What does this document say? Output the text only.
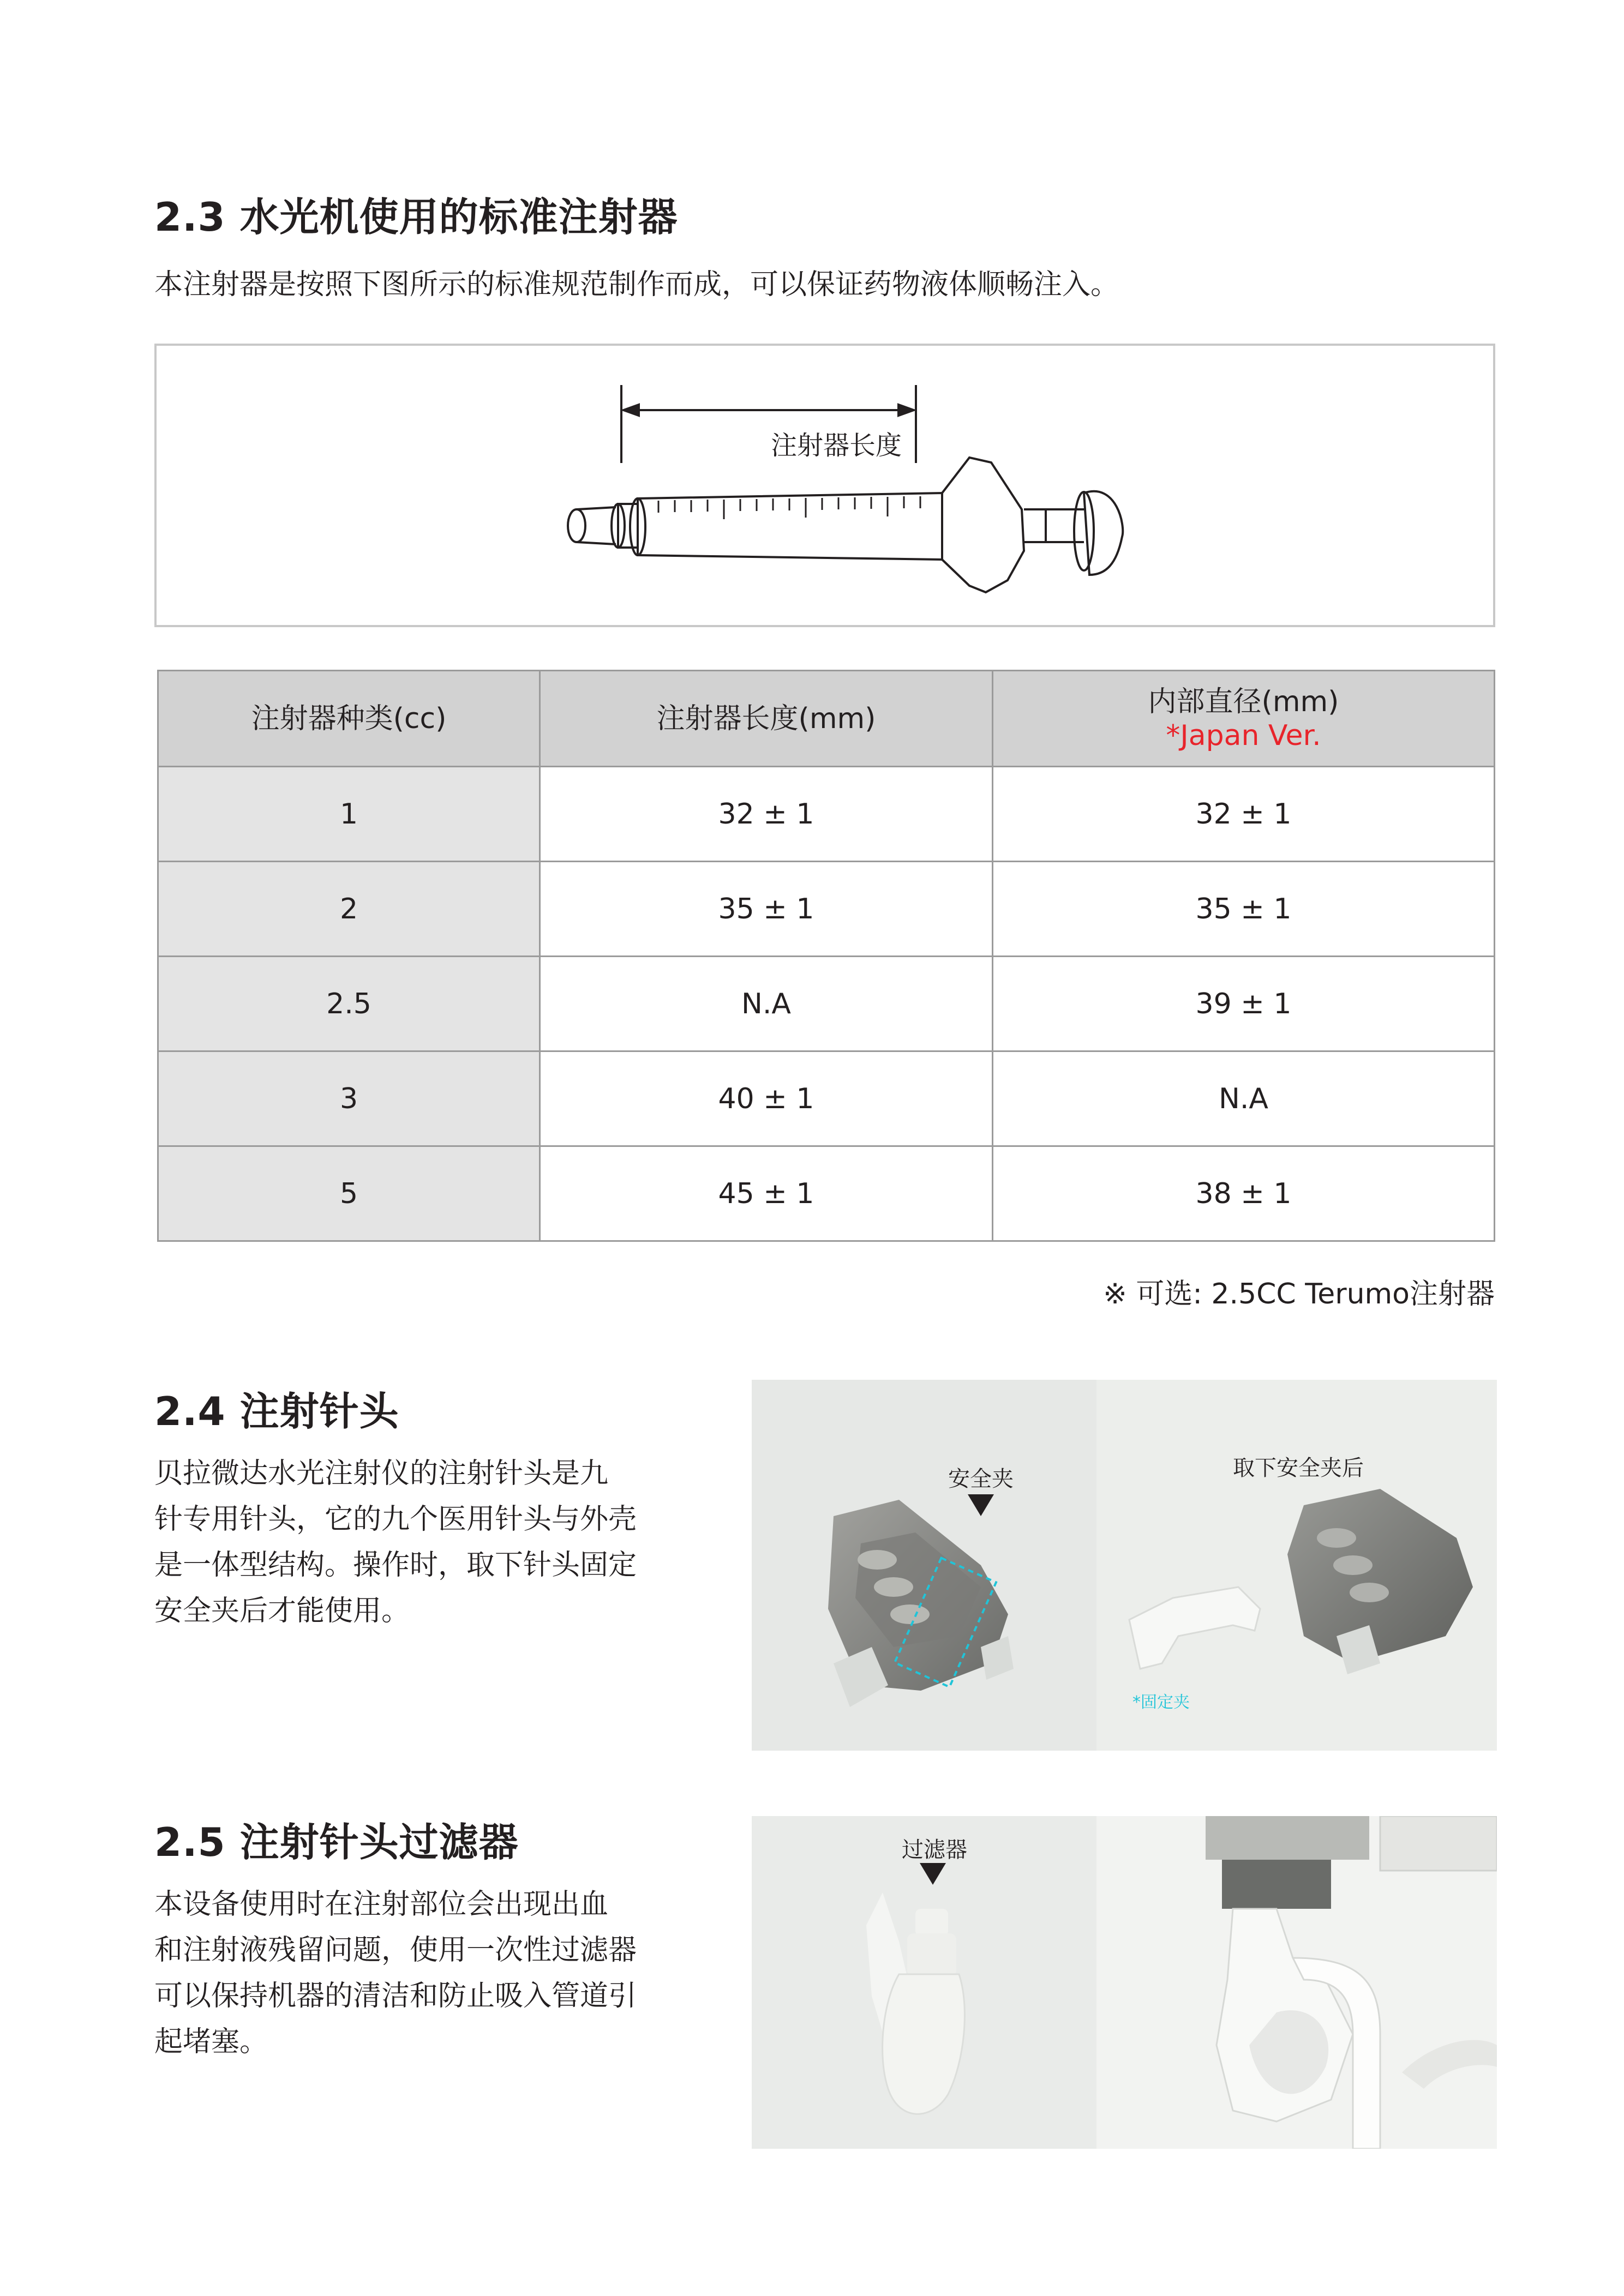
2.3 水光机使用的标准注射器
本注射器是按照下图所示的标准规范制作而成，可以保证药物液体顺畅注入。
注射器长度
注射器种类(cc)	注射器长度(mm)	内部直径(mm)
*Japan Ver.

1	32 ± 1	32 ± 1
2	35 ± 1	35 ± 1
2.5	N.A	39 ± 1
3	40 ± 1	N.A
5	45 ± 1	38 ± 1
※ 可选: 2.5CC Terumo注射器
2.4 注射针头
贝拉微达水光注射仪的注射针头是九
针专用针头，它的九个医用针头与外壳
是一体型结构。操作时，取下针头固定
安全夹后才能使用。
安全夹	取下安全夹后
*固定夹
2.5 注射针头过滤器
本设备使用时在注射部位会出现出血
和注射液残留问题，使用一次性过滤器
可以保持机器的清洁和防止吸入管道引
起堵塞。
过滤器
